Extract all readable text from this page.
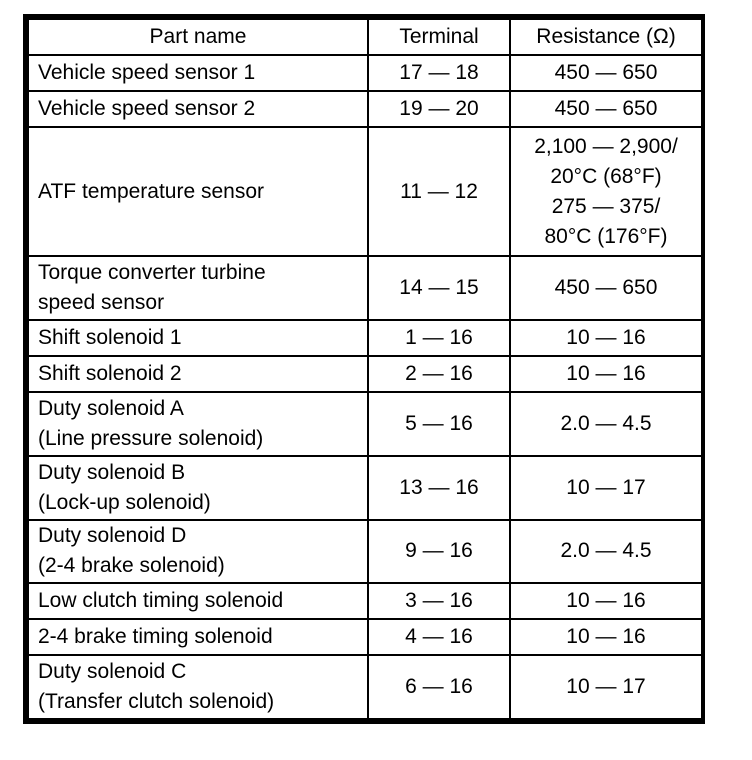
Part name	Terminal	Resistance (Ω)

Vehicle speed sensor 1	17 — 18	450 — 650

Vehicle speed sensor 2	19 — 20	450 — 650

ATF temperature sensor	11 — 12	2,100 — 2,900/
20°C (68°F)
275 — 375/
80°C (176°F)

Torque converter turbine
speed sensor	14 — 15	450 — 650

Shift solenoid 1	1 — 16	10 — 16

Shift solenoid 2	2 — 16	10 — 16

Duty solenoid A
(Line pressure solenoid)	5 — 16	2.0 — 4.5

Duty solenoid B
(Lock-up solenoid)	13 — 16	10 — 17

Duty solenoid D
(2-4 brake solenoid)	9 — 16	2.0 — 4.5

Low clutch timing solenoid	3 — 16	10 — 16

2-4 brake timing solenoid	4 — 16	10 — 16

Duty solenoid C
(Transfer clutch solenoid)	6 — 16	10 — 17
